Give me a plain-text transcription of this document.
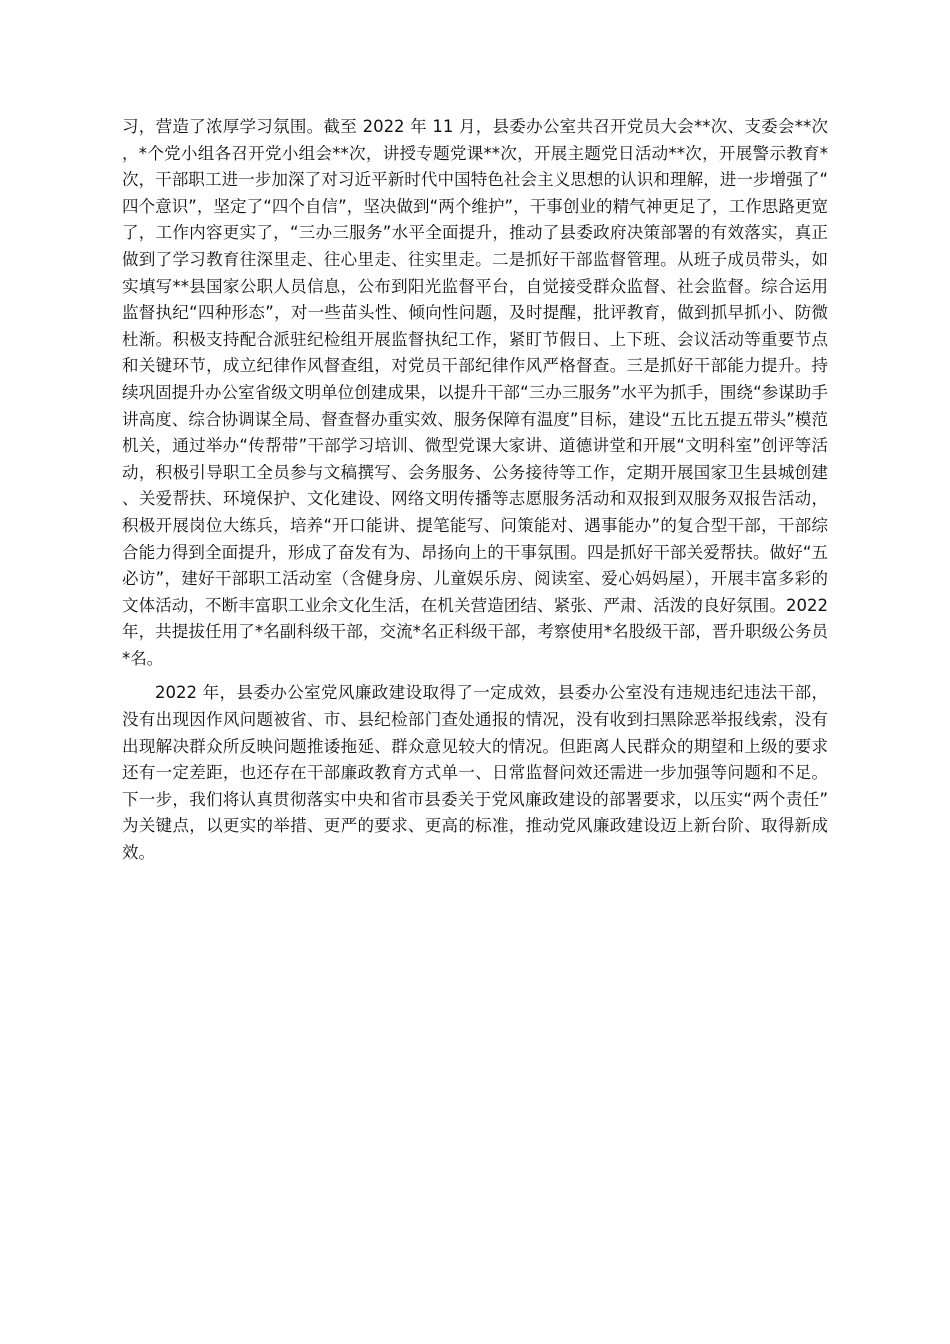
习，营造了浓厚学习氛围。截至 2022 年 11 月，县委办公室共召开党员大会**次、支委会**次，*个党小组各召开党小组会**次，讲授专题党课**次，开展主题党日活动**次，开展警示教育*次，干部职工进一步加深了对习近平新时代中国特色社会主义思想的认识和理解，进一步增强了“四个意识”，坚定了“四个自信”，坚决做到“两个维护”，干事创业的精气神更足了，工作思路更宽了，工作内容更实了，“三办三服务”水平全面提升，推动了县委政府决策部署的有效落实，真正做到了学习教育往深里走、往心里走、往实里走。二是抓好干部监督管理。从班子成员带头，如实填写**县国家公职人员信息，公布到阳光监督平台，自觉接受群众监督、社会监督。综合运用监督执纪“四种形态”，对一些苗头性、倾向性问题，及时提醒，批评教育，做到抓早抓小、防微杜渐。积极支持配合派驻纪检组开展监督执纪工作，紧盯节假日、上下班、会议活动等重要节点和关键环节，成立纪律作风督查组，对党员干部纪律作风严格督查。三是抓好干部能力提升。持续巩固提升办公室省级文明单位创建成果，以提升干部“三办三服务”水平为抓手，围绕“参谋助手讲高度、综合协调谋全局、督查督办重实效、服务保障有温度”目标，建设“五比五提五带头”模范机关，通过举办“传帮带”干部学习培训、微型党课大家讲、道德讲堂和开展“文明科室”创评等活动，积极引导职工全员参与文稿撰写、会务服务、公务接待等工作，定期开展国家卫生县城创建、关爱帮扶、环境保护、文化建设、网络文明传播等志愿服务活动和双报到双服务双报告活动，积极开展岗位大练兵，培养“开口能讲、提笔能写、问策能对、遇事能办”的复合型干部，干部综合能力得到全面提升，形成了奋发有为、昂扬向上的干事氛围。四是抓好干部关爱帮扶。做好“五必访”，建好干部职工活动室（含健身房、儿童娱乐房、阅读室、爱心妈妈屋），开展丰富多彩的文体活动，不断丰富职工业余文化生活，在机关营造团结、紧张、严肃、活泼的良好氛围。2022 年，共提拔任用了*名副科级干部，交流*名正科级干部，考察使用*名股级干部，晋升职级公务员*名。

2022 年，县委办公室党风廉政建设取得了一定成效，县委办公室没有违规违纪违法干部，没有出现因作风问题被省、市、县纪检部门查处通报的情况，没有收到扫黑除恶举报线索，没有出现解决群众所反映问题推诿拖延、群众意见较大的情况。但距离人民群众的期望和上级的要求还有一定差距，也还存在干部廉政教育方式单一、日常监督问效还需进一步加强等问题和不足。下一步，我们将认真贯彻落实中央和省市县委关于党风廉政建设的部署要求，以压实“两个责任”为关键点，以更实的举措、更严的要求、更高的标准，推动党风廉政建设迈上新台阶、取得新成效。
